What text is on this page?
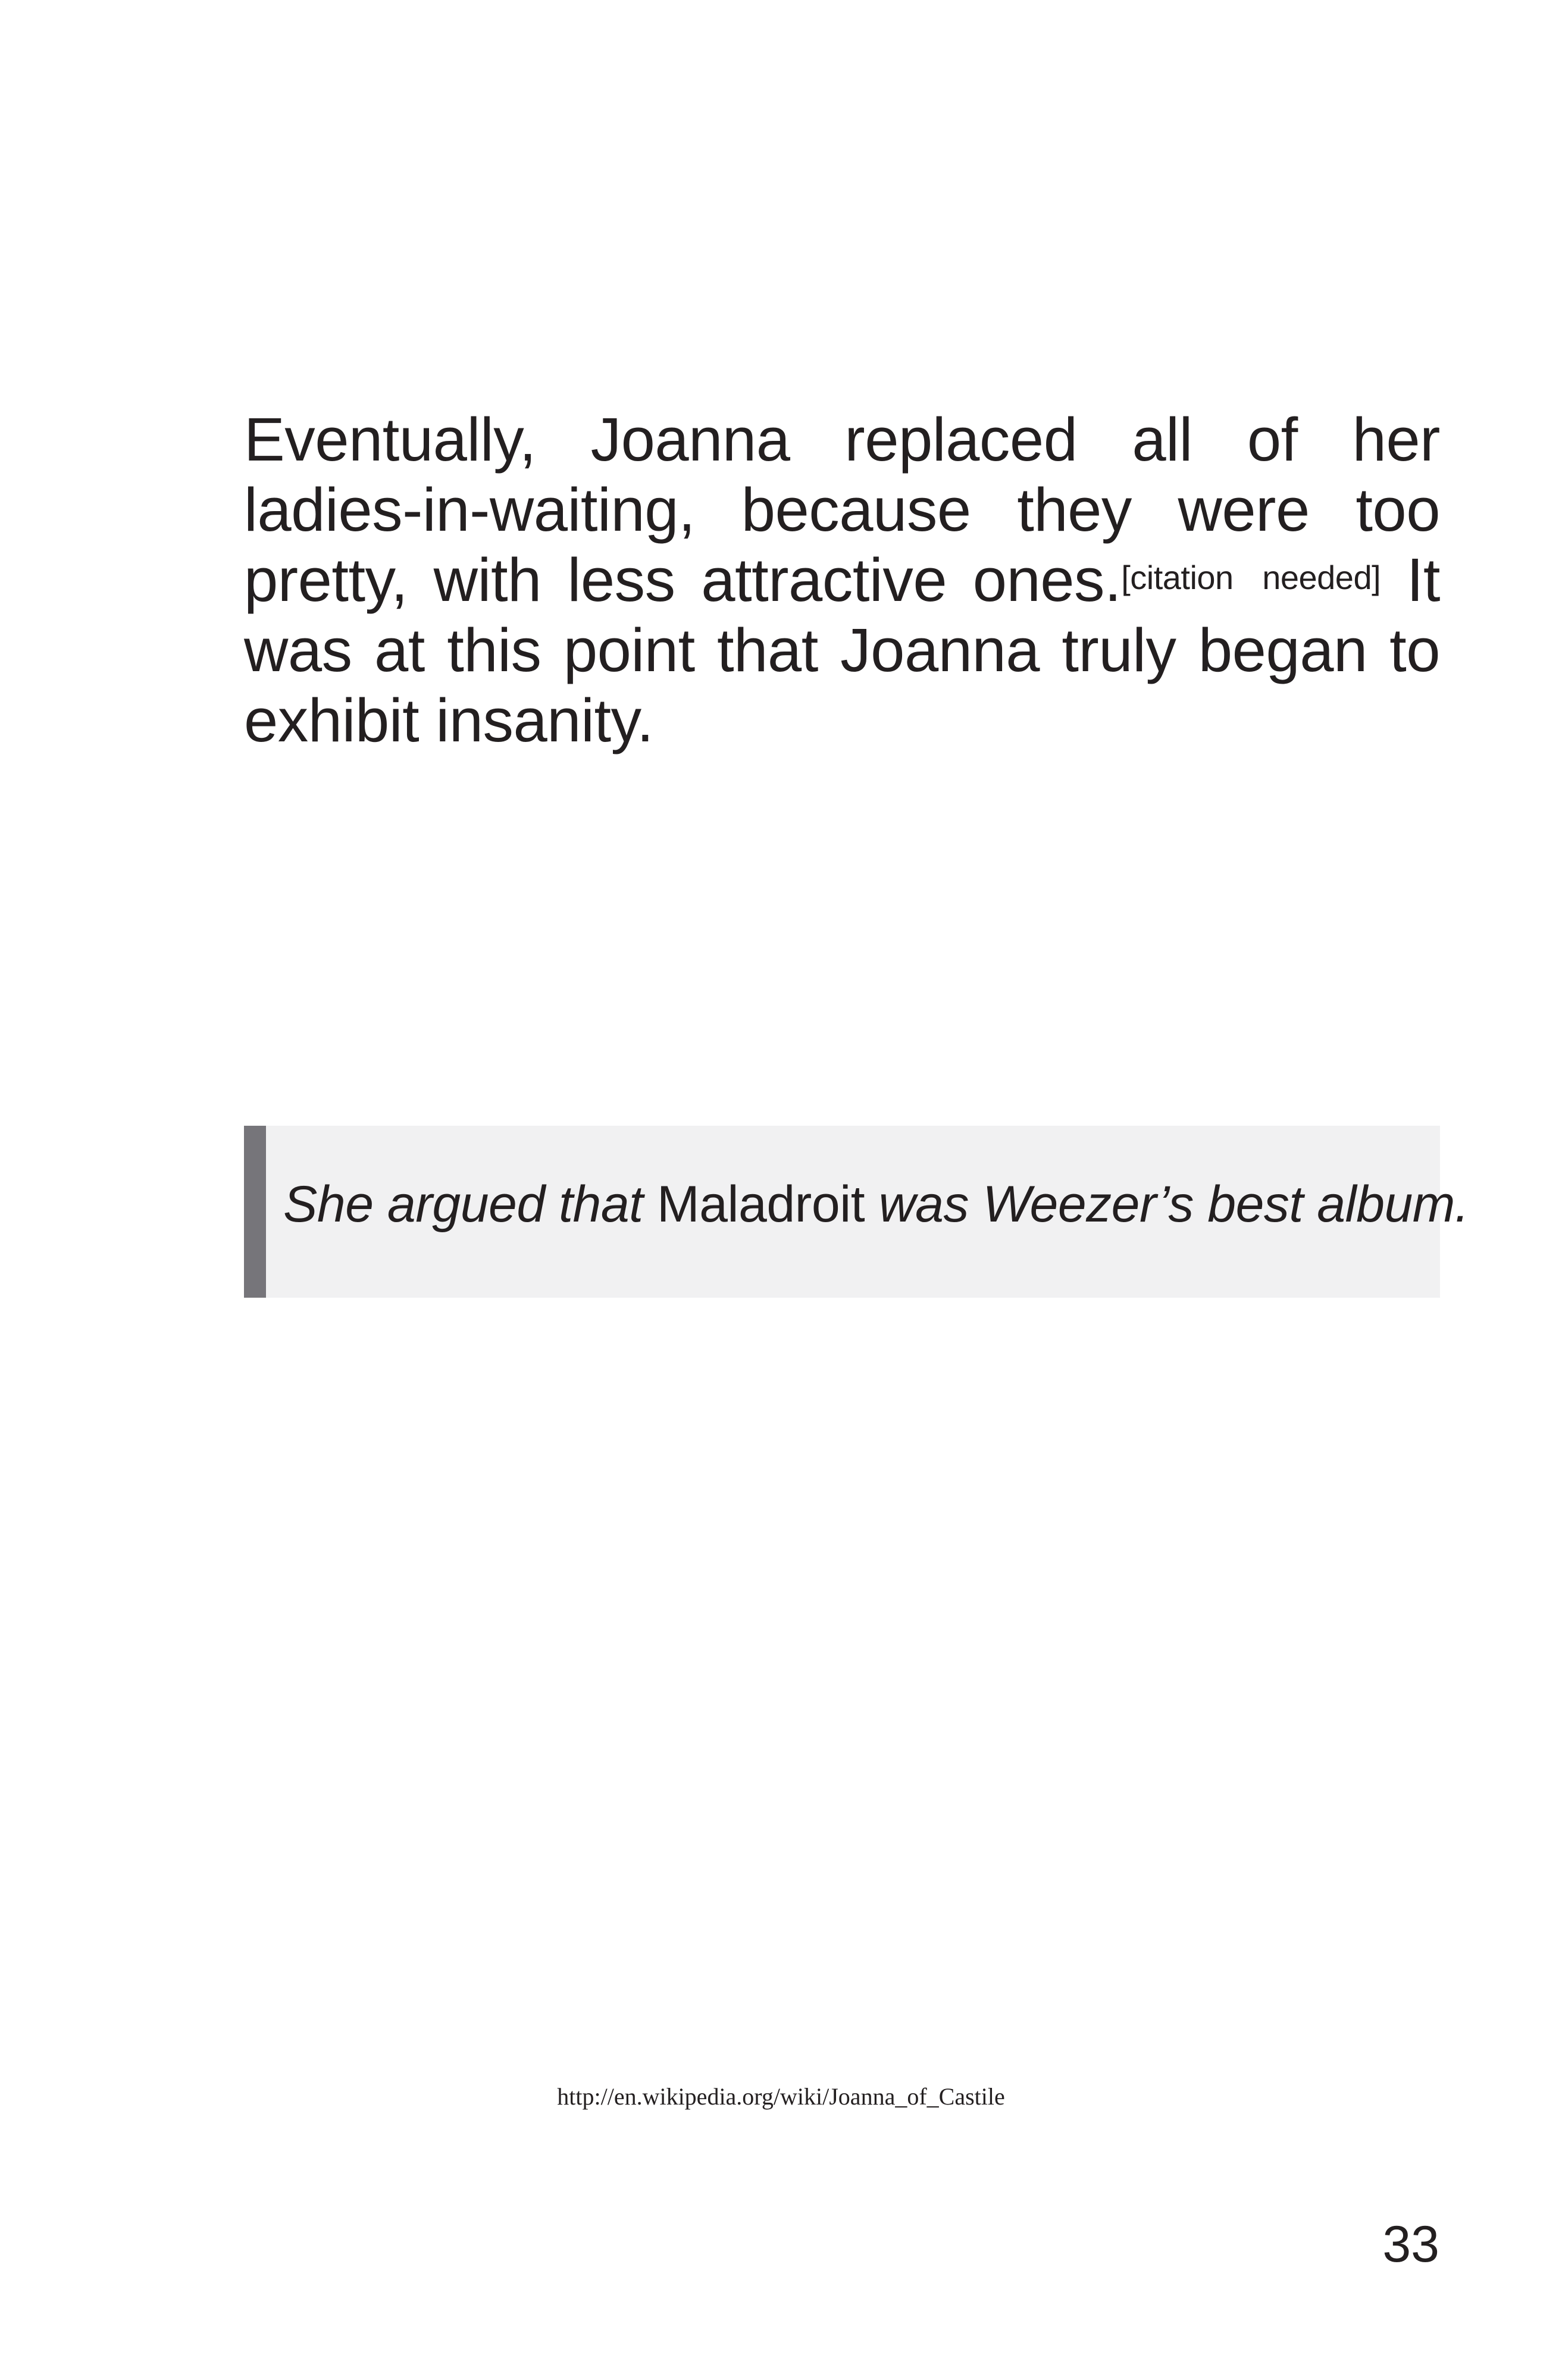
Eventually, Joanna replaced all of her ladies-in-waiting, because they were too pretty, with less attractive ones.[citation needed] It was at this point that Joanna truly began to exhibit insanity.

She argued that Maladroit was Weezer’s best album.

http://en.wikipedia.org/wiki/Joanna_of_Castile
33
